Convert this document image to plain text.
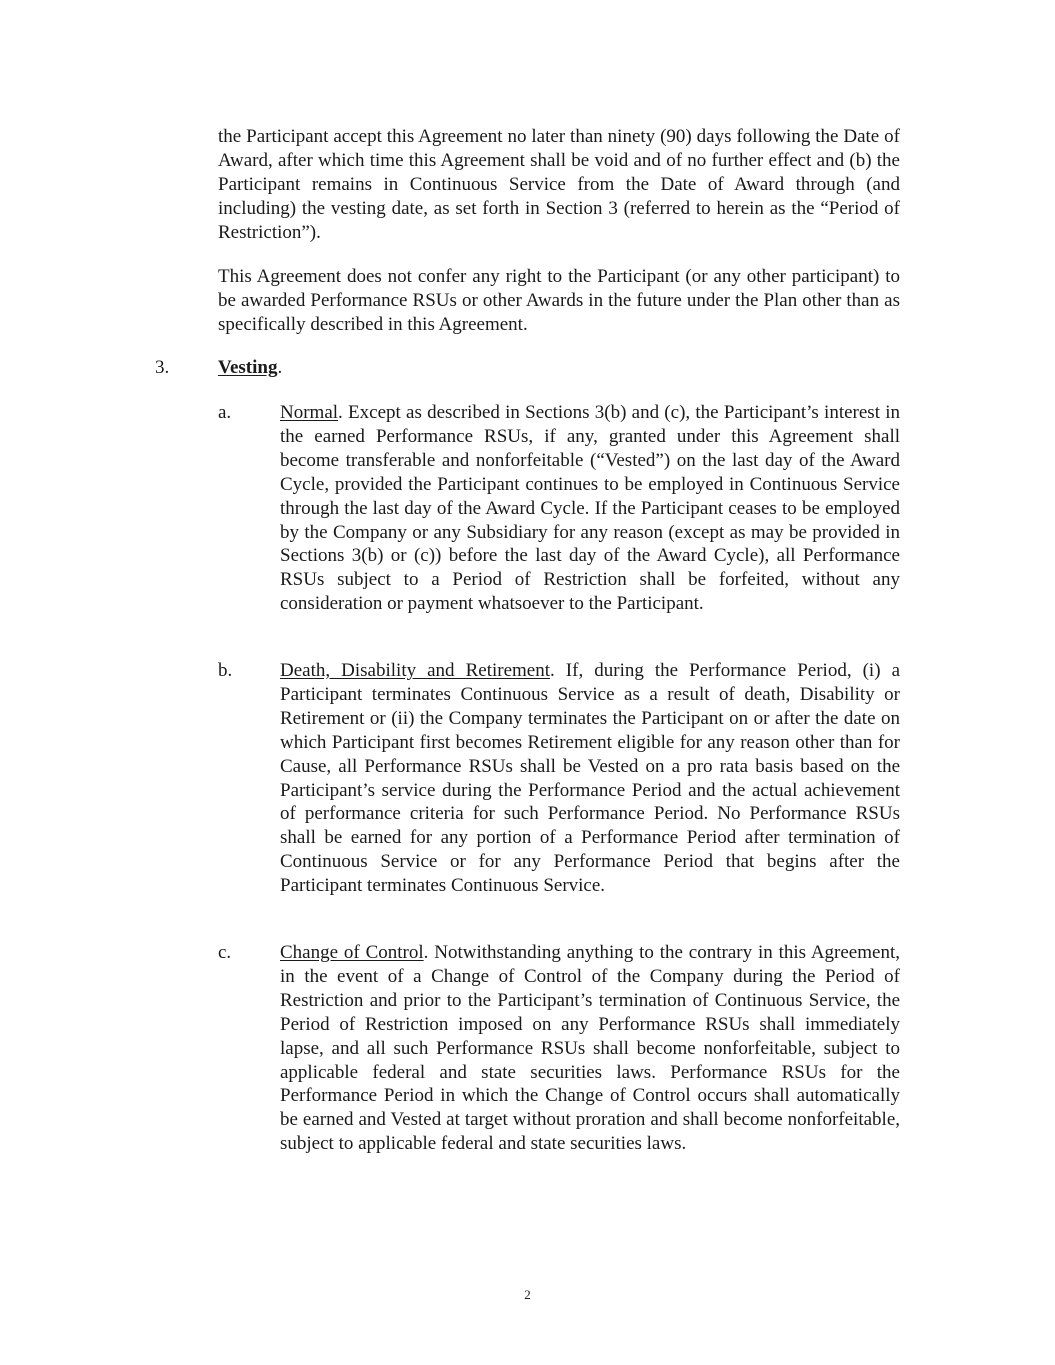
the Participant accept this Agreement no later than ninety (90) days following the Date of Award, after which time this Agreement shall be void and of no further effect and (b) the Participant remains in Continuous Service from the Date of Award through (and including) the vesting date, as set forth in Section 3 (referred to herein as the “Period of Restriction”).

This Agreement does not confer any right to the Participant (or any other participant) to be awarded Performance RSUs or other Awards in the future under the Plan other than as specifically described in this Agreement.

3.	Vesting.
a.	Normal. Except as described in Sections 3(b) and (c), the Participant’s interest in the earned Performance RSUs, if any, granted under this Agreement shall become transferable and nonforfeitable (“Vested”) on the last day of the Award Cycle, provided the Participant continues to be employed in Continuous Service through the last day of the Award Cycle. If the Participant ceases to be employed by the Company or any Subsidiary for any reason (except as may be provided in Sections 3(b) or (c)) before the last day of the Award Cycle), all Performance RSUs subject to a Period of Restriction shall be forfeited, without any consideration or payment whatsoever to the Participant.

b.	Death, Disability and Retirement. If, during the Performance Period, (i) a Participant terminates Continuous Service as a result of death, Disability or Retirement or (ii) the Company terminates the Participant on or after the date on which Participant first becomes Retirement eligible for any reason other than for Cause, all Performance RSUs shall be Vested on a pro rata basis based on the Participant’s service during the Performance Period and the actual achievement of performance criteria for such Performance Period. No Performance RSUs shall be earned for any portion of a Performance Period after termination of Continuous Service or for any Performance Period that begins after the Participant terminates Continuous Service.

c.	Change of Control. Notwithstanding anything to the contrary in this Agreement, in the event of a Change of Control of the Company during the Period of Restriction and prior to the Participant’s termination of Continuous Service, the Period of Restriction imposed on any Performance RSUs shall immediately lapse, and all such Performance RSUs shall become nonforfeitable, subject to applicable federal and state securities laws. Performance RSUs for the Performance Period in which the Change of Control occurs shall automatically be earned and Vested at target without proration and shall become nonforfeitable, subject to applicable federal and state securities laws.

2
